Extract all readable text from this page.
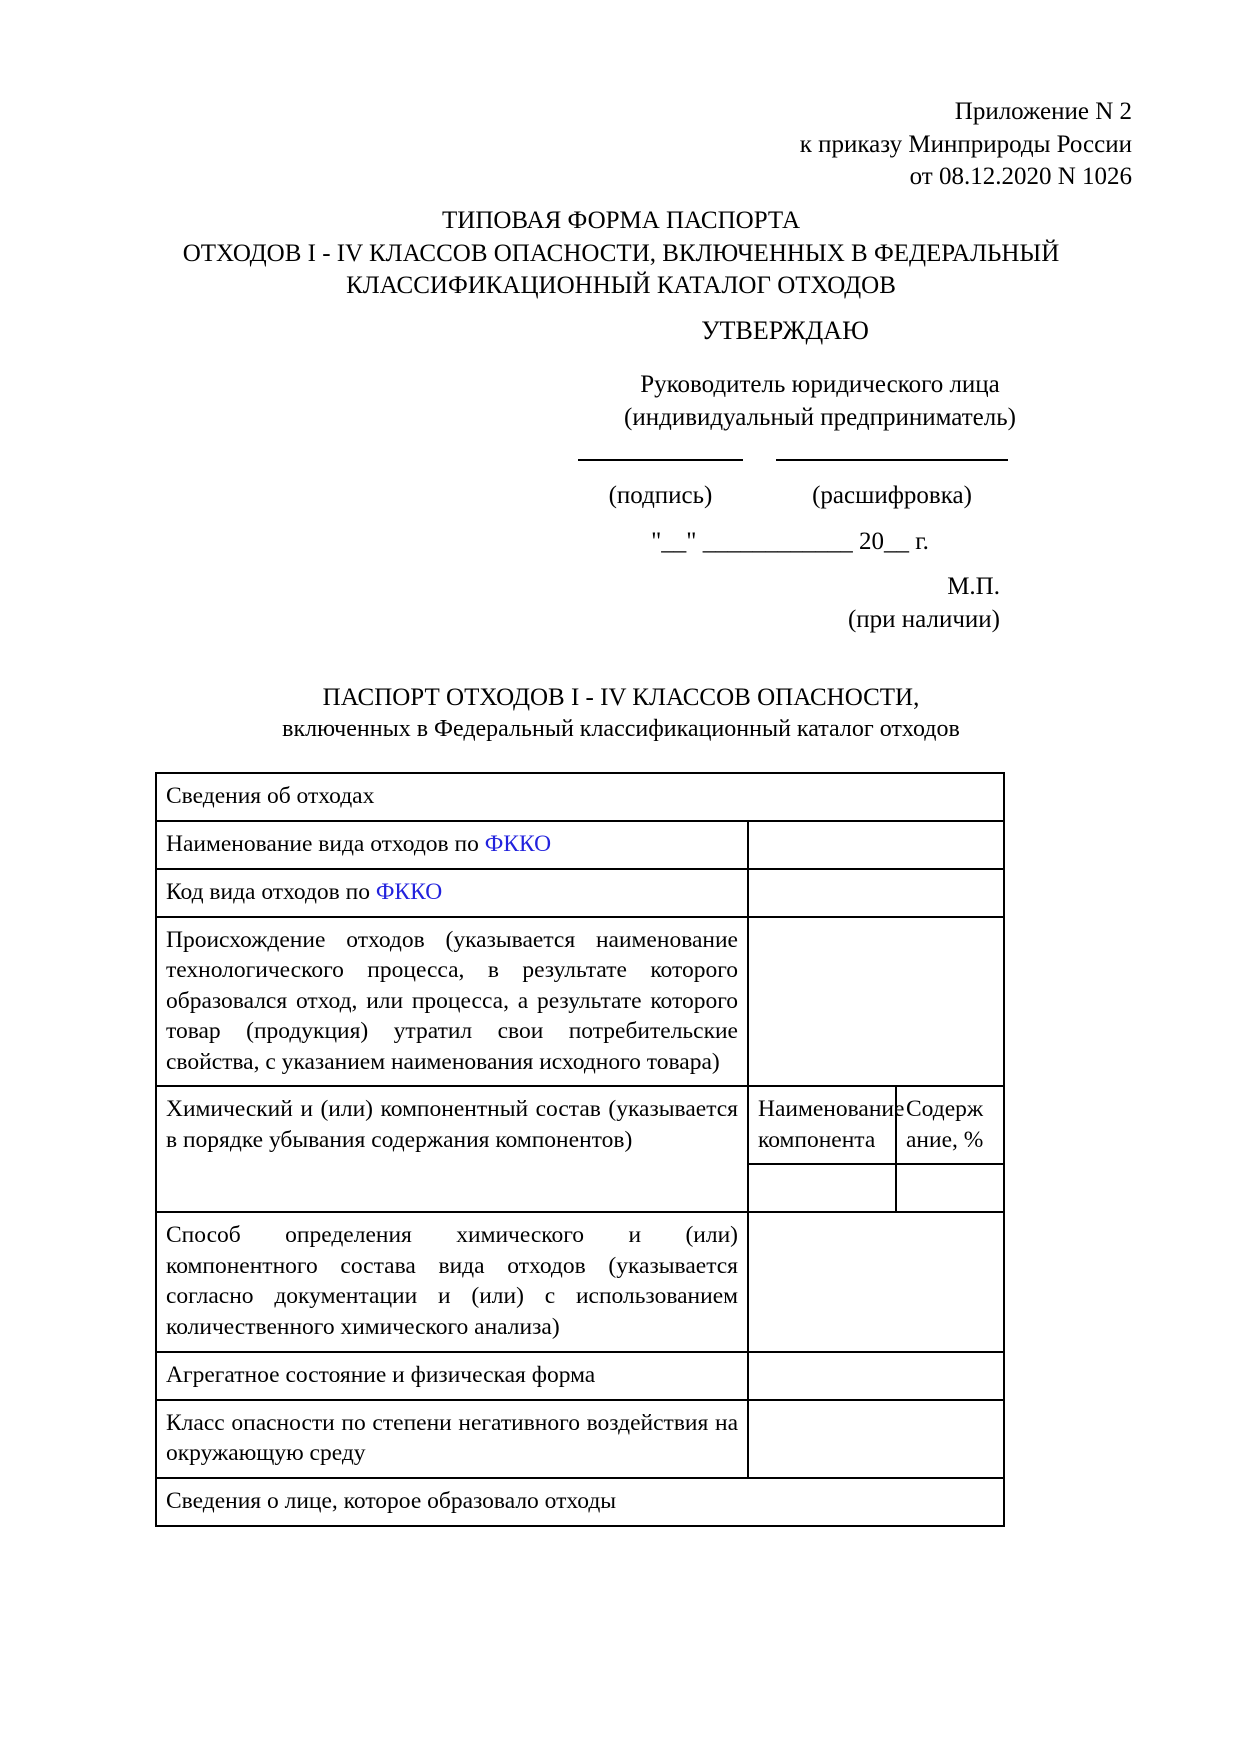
Приложение N 2
к приказу Минприроды России
от 08.12.2020 N 1026
ТИПОВАЯ ФОРМА ПАСПОРТА
ОТХОДОВ I - IV КЛАССОВ ОПАСНОСТИ, ВКЛЮЧЕННЫХ В ФЕДЕРАЛЬНЫЙ
КЛАССИФИКАЦИОННЫЙ КАТАЛОГ ОТХОДОВ
УТВЕРЖДАЮ
Руководитель юридического лица
(индивидуальный предприниматель)
(подпись)	(расшифровка)
"__" ____________ 20__ г.
М.П.
(при наличии)
ПАСПОРТ ОТХОДОВ I - IV КЛАССОВ ОПАСНОСТИ,
включенных в Федеральный классификационный каталог отходов
Сведения об отходах		
Наименование вида отходов по ФККО		
Код вида отходов по ФККО		
Происхождение отходов (указывается наименование технологического процесса, в результате которого образовался отход, или процесса, а результате которого товар (продукция) утратил свои потребительские свойства, с указанием наименования исходного товара)		
Химический и (или) компонентный состав (указывается в порядке убывания содержания компонентов)	Наименование компонента	Содерж ание, %

Способ определения химического и (или) компонентного состава вида отходов (указывается согласно документации и (или) с использованием количественного химического анализа)		
Агрегатное состояние и физическая форма		
Класс опасности по степени негативного воздействия на окружающую среду		
Сведения о лице, которое образовало отходы		
